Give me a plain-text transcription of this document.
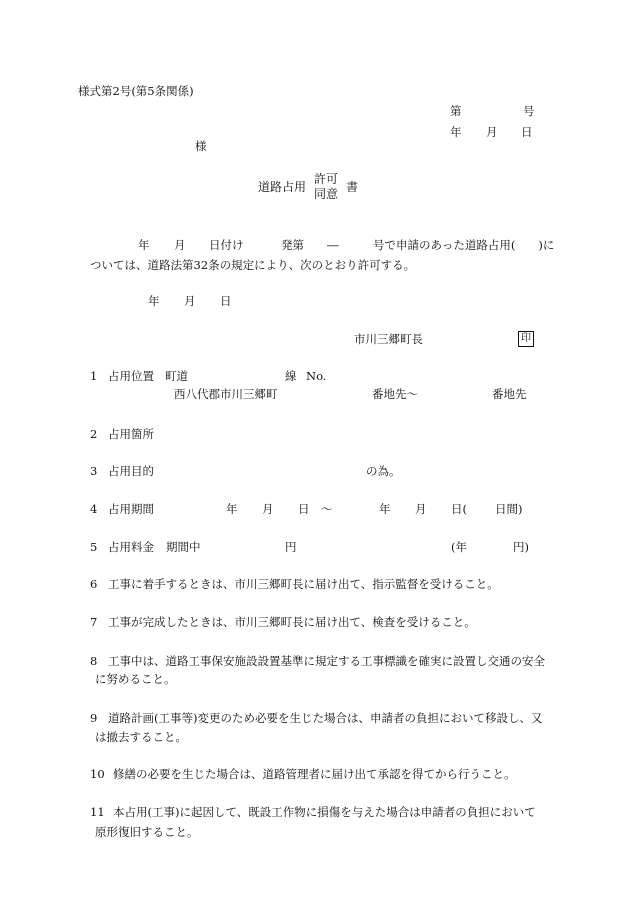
様式第2号(第5条関係)
第	号
年 月 日
様
道路占用
許可
同意 書
年 月 日付け	発第 ―	号で申請のあった道路占用(　　)に
ついては、道路法第32条の規定により、次のとおり許可する。
年 月 日
市川三郷町長	印
1 占用位置 町道	線 No.
西八代郡市川三郷町	番地先～	番地先
2 占用箇所
3 占用目的	の為。
4 占用期間	年 月 日 ～	年 月 日( 日間)
5 占用料金 期間中	円	(年	円)
6 工事に着手するときは、市川三郷町長に届け出て、指示監督を受けること。
7 工事が完成したときは、市川三郷町長に届け出て、検査を受けること。
8 工事中は、道路工事保安施設設置基準に規定する工事標識を確実に設置し交通の安全
に努めること。
9 道路計画(工事等)変更のため必要を生じた場合は、申請者の負担において移設し、又
は撤去すること。
10 修繕の必要を生じた場合は、道路管理者に届け出て承認を得てから行うこと。
11 本占用(工事)に起因して、既設工作物に損傷を与えた場合は申請者の負担において
原形復旧すること。
